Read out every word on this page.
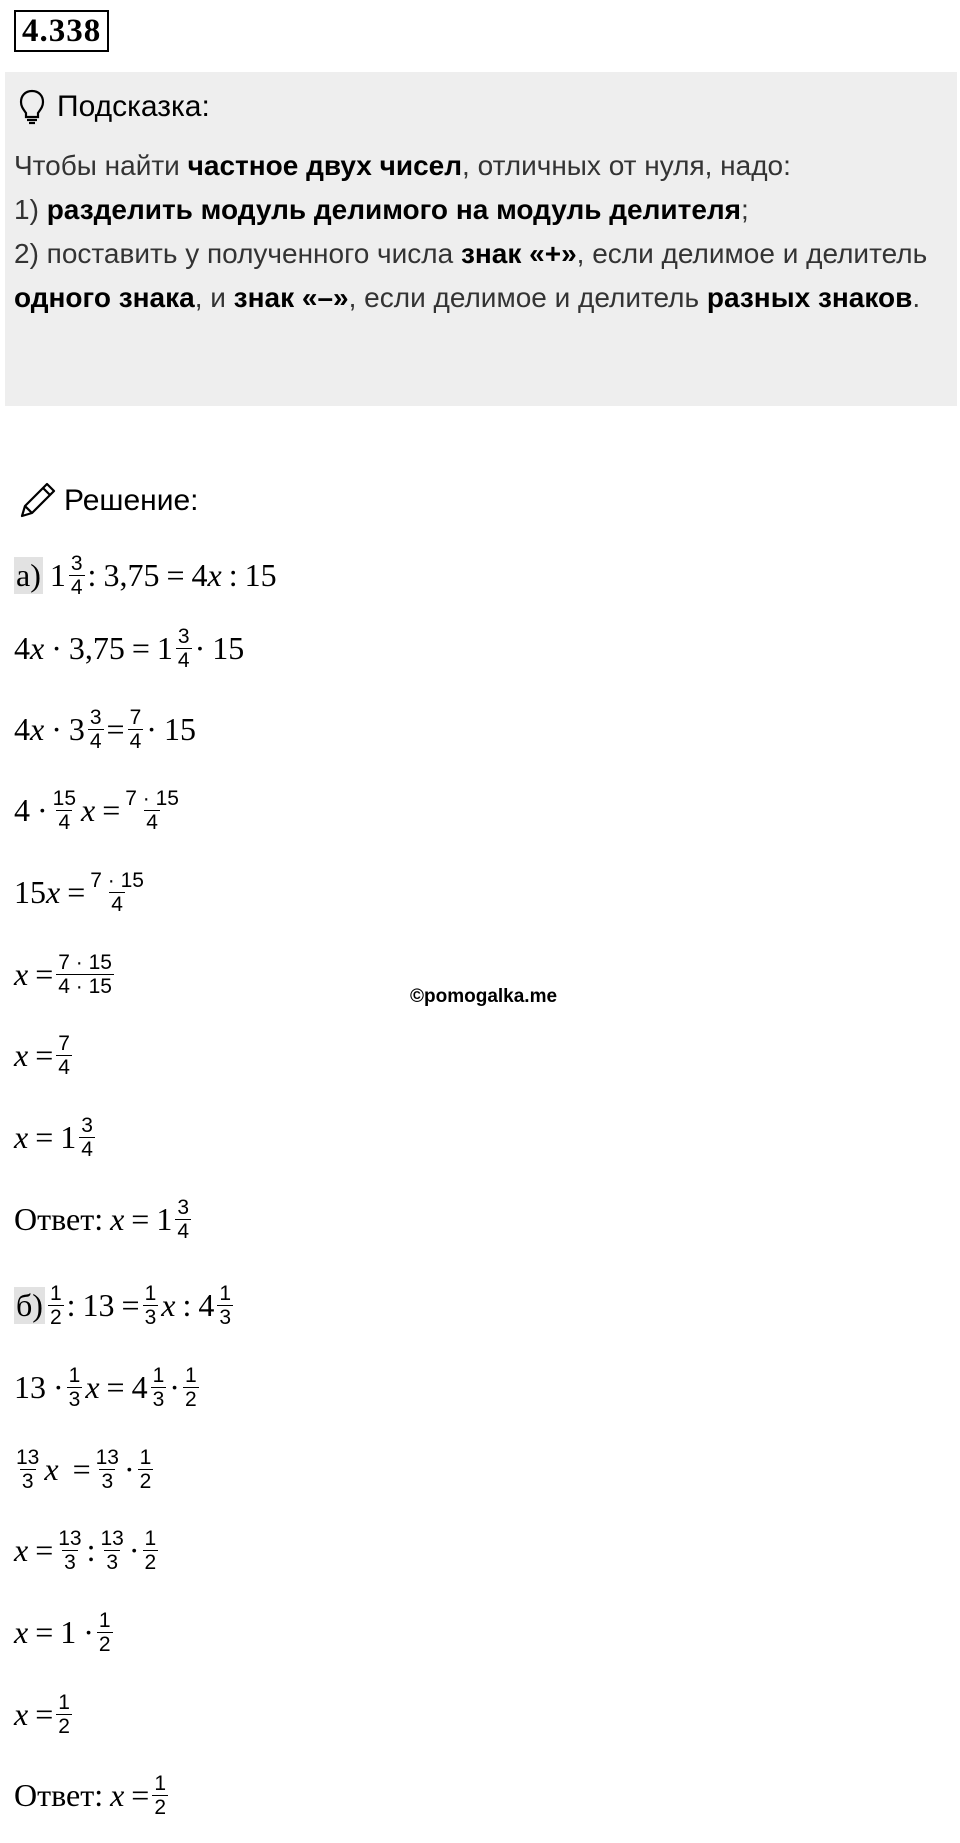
4.338
Подсказка:
Чтобы найти частное двух чисел, отличных от нуля, надо:
1) разделить модуль делимого на модуль делителя;
2) поставить у полученного числа знак «+», если делимое и делитель одного знака, и знак «–», если делимое и делитель разных знаков.
Решение:
а) $1 \frac{3}{4}$ : 3,75 = 4 x : 15
4 $x \cdot 3,75 = 1 \frac{3}{4} \cdot 15$
4 $x \cdot 3 \frac{3}{4} = \frac{7}{4} \cdot 15$
$4 \cdot \frac{15}{4}$ $x = \frac{7 \cdot 15}{4}$
15 $x = \frac{7 \cdot 15}{4}$
$x = \frac{7 \cdot 15}{4 \cdot 15}$	©pomogalka.me
$x = \frac{7}{4}$
$x = 1 \frac{3}{4}$
Ответ: $x = 1 \frac{3}{4}$
$б) \frac{1}{2}$ : $13 = \frac{1}{3}$ x : $4 \frac{1}{3}$
$13 \cdot \frac{1}{3}$ $x = 4 \frac{1}{3} \cdot \frac{1}{2}$
$\frac{13}{3}$ $x = \frac{13}{3} \cdot \frac{1}{2}$
$x = \frac{13}{3}$ : $\frac{13}{3} \cdot \frac{1}{2}$
$x = 1 \cdot \frac{1}{2}$
$x = \frac{1}{2}$
Ответ: $x = \frac{1}{2}$
